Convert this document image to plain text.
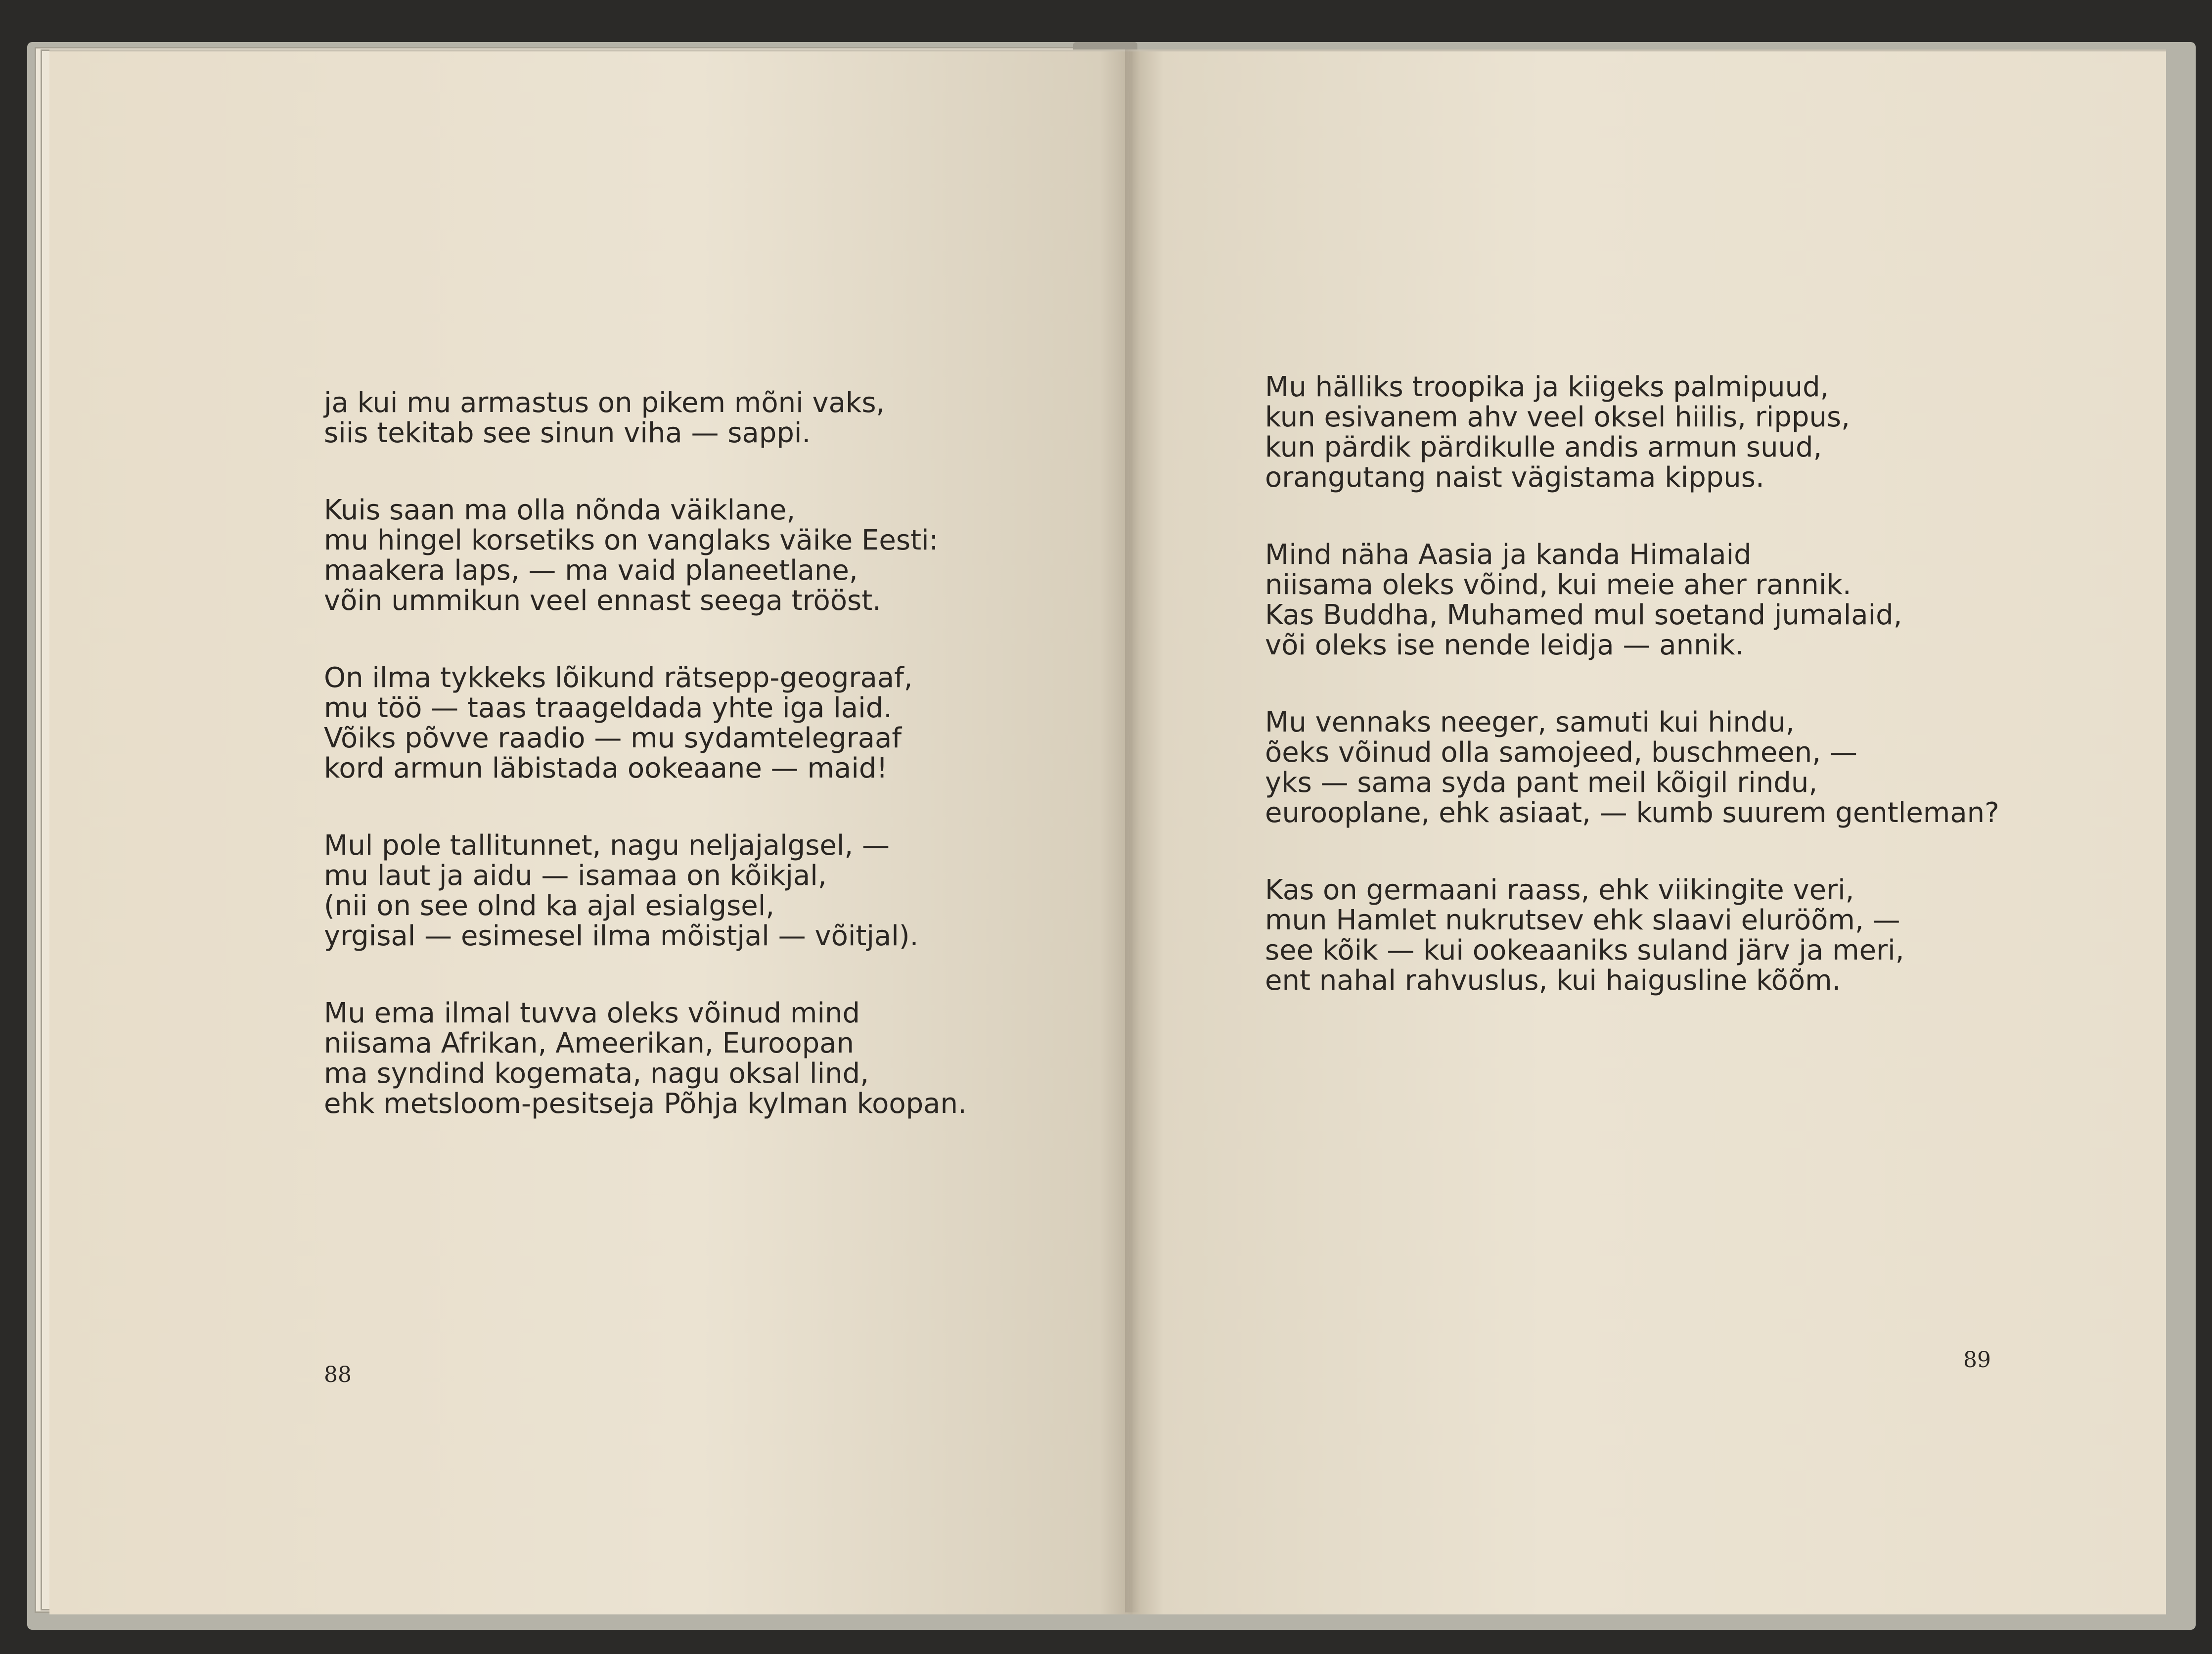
ja kui mu armastus on pikem mõni vaks,
siis tekitab see sinun viha — sappi.
Kuis saan ma olla nõnda väiklane,
mu hingel korsetiks on vanglaks väike Eesti:
maakera laps, — ma vaid planeetlane,
võin ummikun veel ennast seega trööst.
On ilma tykkeks lõikund rätsepp-geograaf,
mu töö — taas traageldada yhte iga laid.
Võiks põvve raadio — mu sydamtelegraaf
kord armun läbistada ookeaane — maid!
Mul pole tallitunnet, nagu neljajalgsel, —
mu laut ja aidu — isamaa on kõikjal,
(nii on see olnd ka ajal esialgsel,
yrgisal — esimesel ilma mõistjal — võitjal).
Mu ema ilmal tuvva oleks võinud mind
niisama Afrikan, Ameerikan, Euroopan
ma syndind kogemata, nagu oksal lind,
ehk metsloom-pesitseja Põhja kylman koopan.
88
Mu hälliks troopika ja kiigeks palmipuud,
kun esivanem ahv veel oksel hiilis, rippus,
kun pärdik pärdikulle andis armun suud,
orangutang naist vägistama kippus.
Mind näha Aasia ja kanda Himalaid
niisama oleks võind, kui meie aher rannik.
Kas Buddha, Muhamed mul soetand jumalaid,
või oleks ise nende leidja — annik.
Mu vennaks neeger, samuti kui hindu,
õeks võinud olla samojeed, buschmeen, —
yks — sama syda pant meil kõigil rindu,
eurooplane, ehk asiaat, — kumb suurem gentleman?
Kas on germaani raass, ehk viikingite veri,
mun Hamlet nukrutsev ehk slaavi eluröõm, —
see kõik — kui ookeaaniks suland järv ja meri,
ent nahal rahvuslus, kui haigusline kõõm.
89
